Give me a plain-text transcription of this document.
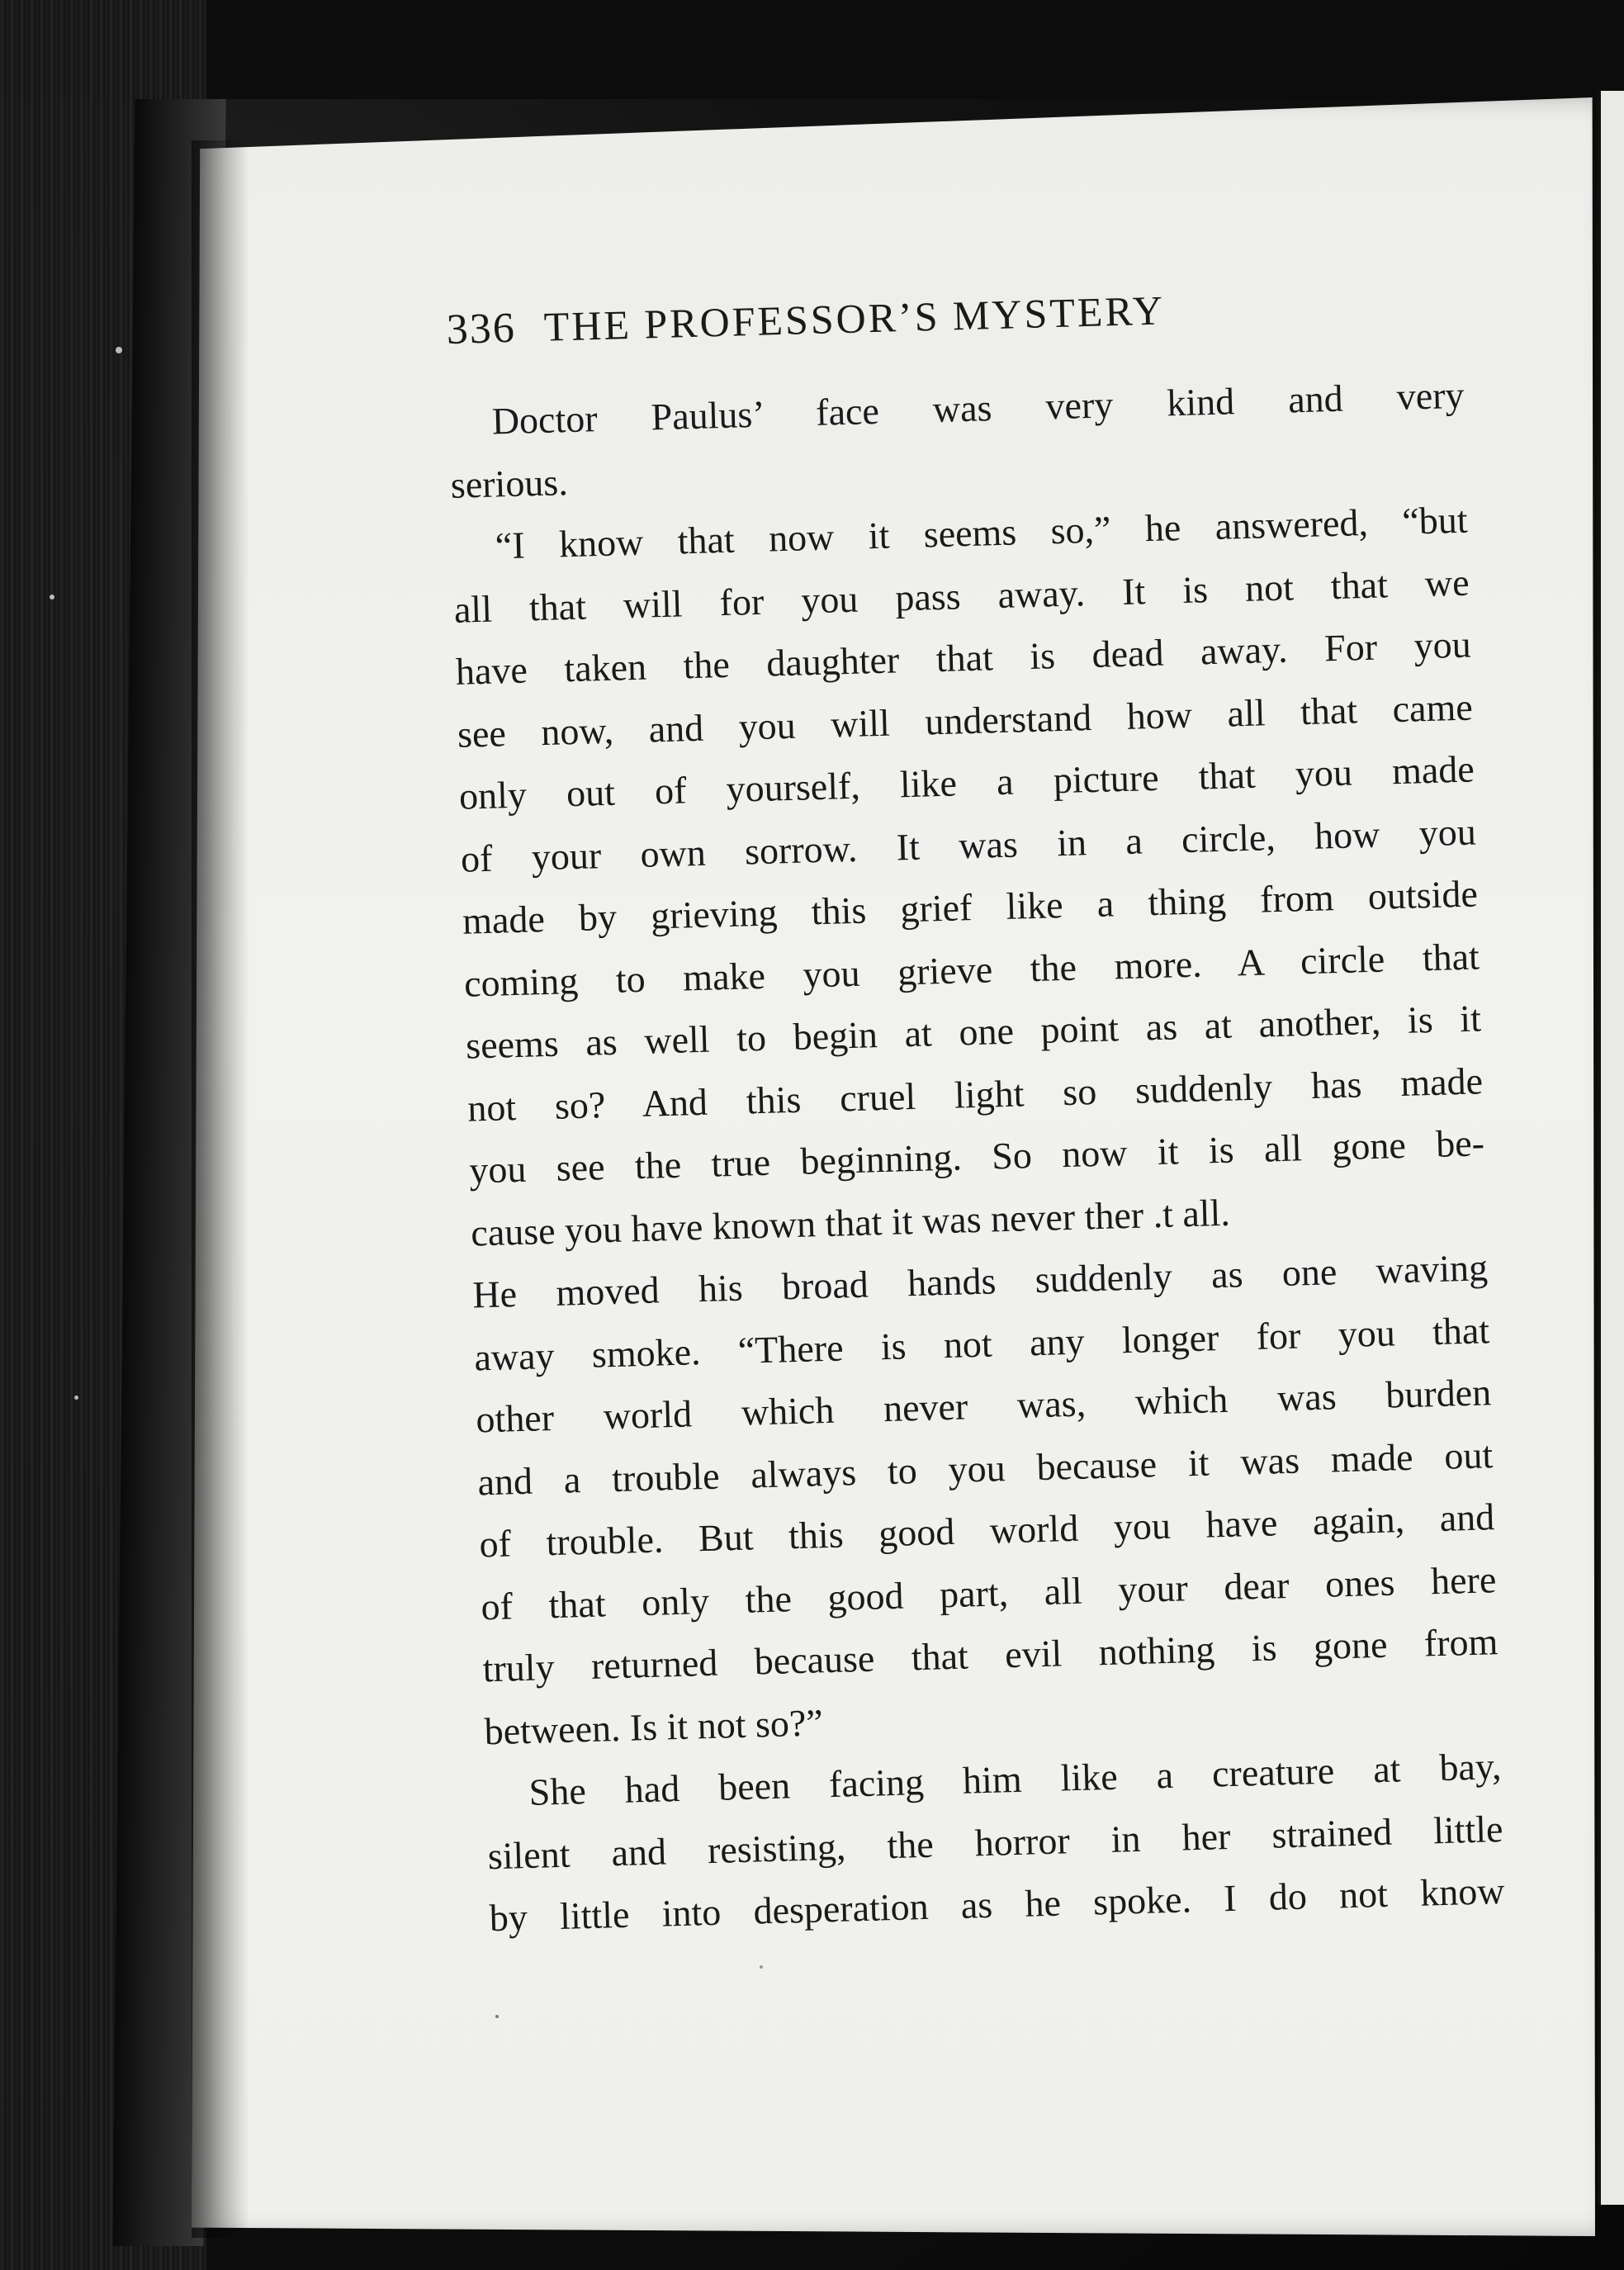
336 THE PROFESSOR’S MYSTERY
Doctor Paulus’ face was very kind and very
serious.
“I know that now it seems so,” he answered, “but
all that will for you pass away. It is not that we
have taken the daughter that is dead away. For you
see now, and you will understand how all that came
only out of yourself, like a picture that you made
of your own sorrow. It was in a circle, how you
made by grieving this grief like a thing from outside
coming to make you grieve the more. A circle that
seems as well to begin at one point as at another, is it
not so? And this cruel light so suddenly has made
you see the true beginning. So now it is all gone be-
cause you have known that it was never ther .t all.
He moved his broad hands suddenly as one waving
away smoke. “There is not any longer for you that
other world which never was, which was burden
and a trouble always to you because it was made out
of trouble. But this good world you have again, and
of that only the good part, all your dear ones here
truly returned because that evil nothing is gone from
between. Is it not so?”
She had been facing him like a creature at bay,
silent and resisting, the horror in her strained little
by little into desperation as he spoke. I do not know
